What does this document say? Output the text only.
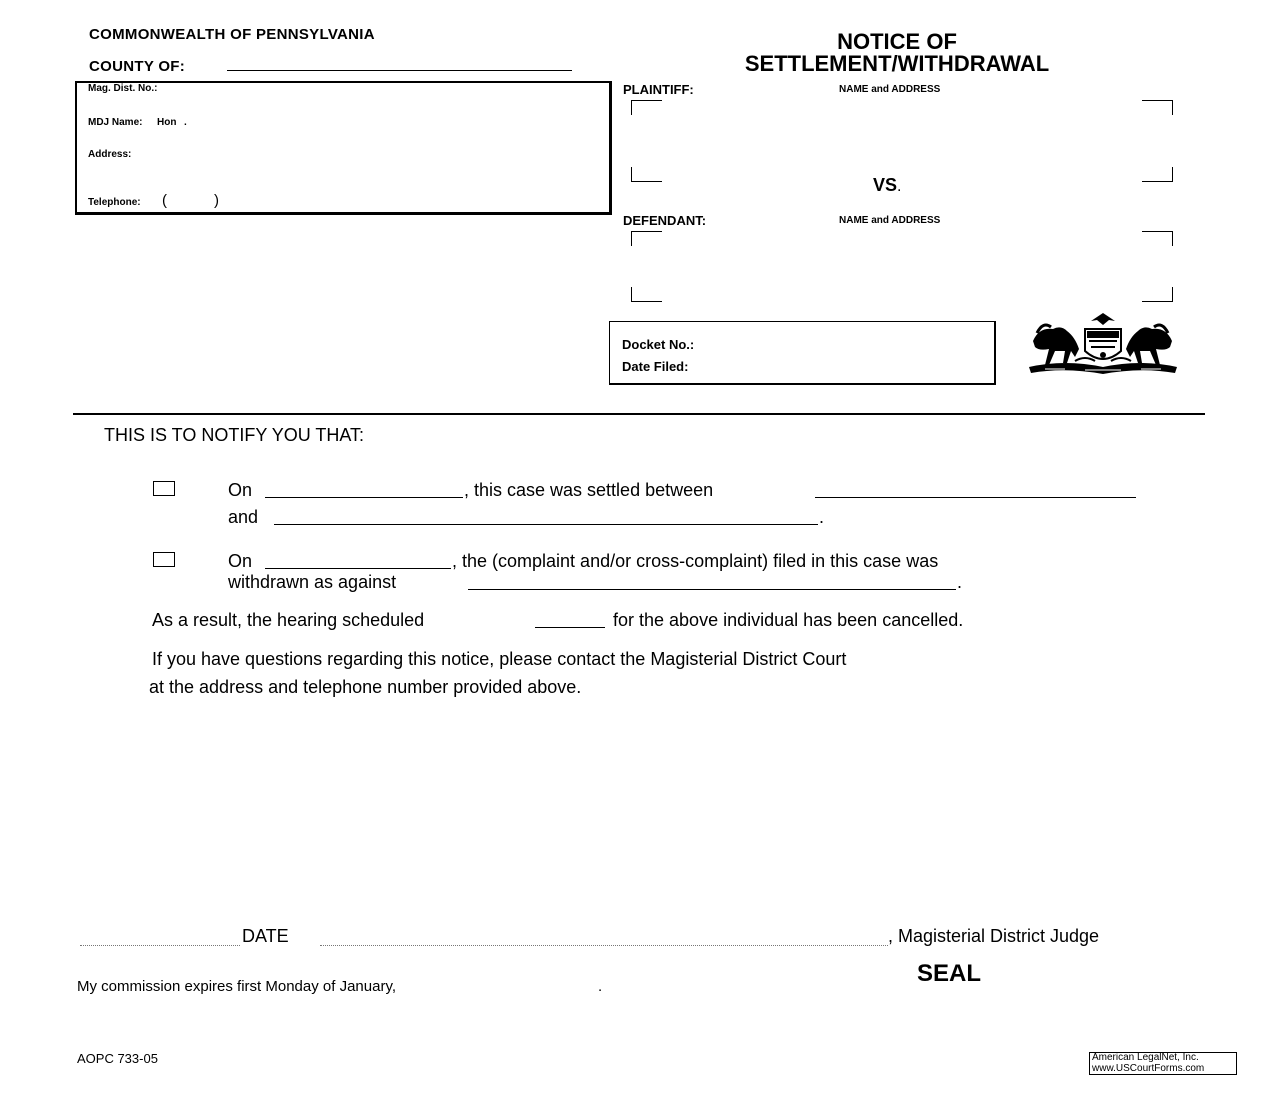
COMMONWEALTH OF PENNSYLVANIA
COUNTY OF:
NOTICE OF
SETTLEMENT/WITHDRAWAL
Mag. Dist. No.:
MDJ Name: Hon .
Address:
Telephone: (	)
PLAINTIFF:	NAME and ADDRESS
VS.
DEFENDANT:	NAME and ADDRESS
Docket No.:
Date Filed:
THIS IS TO NOTIFY YOU THAT:
On	, this case was settled between
and	.
On	, the (complaint and/or cross-complaint) filed in this case was
withdrawn as against	.
As a result, the hearing scheduled	for the above individual has been cancelled.
If you have questions regarding this notice, please contact the Magisterial District Court
at the address and telephone number provided above.
DATE	, Magisterial District Judge
SEAL
My commission expires first Monday of January,	.
AOPC 733-05	American LegalNet, Inc.
www.USCourtForms.com
